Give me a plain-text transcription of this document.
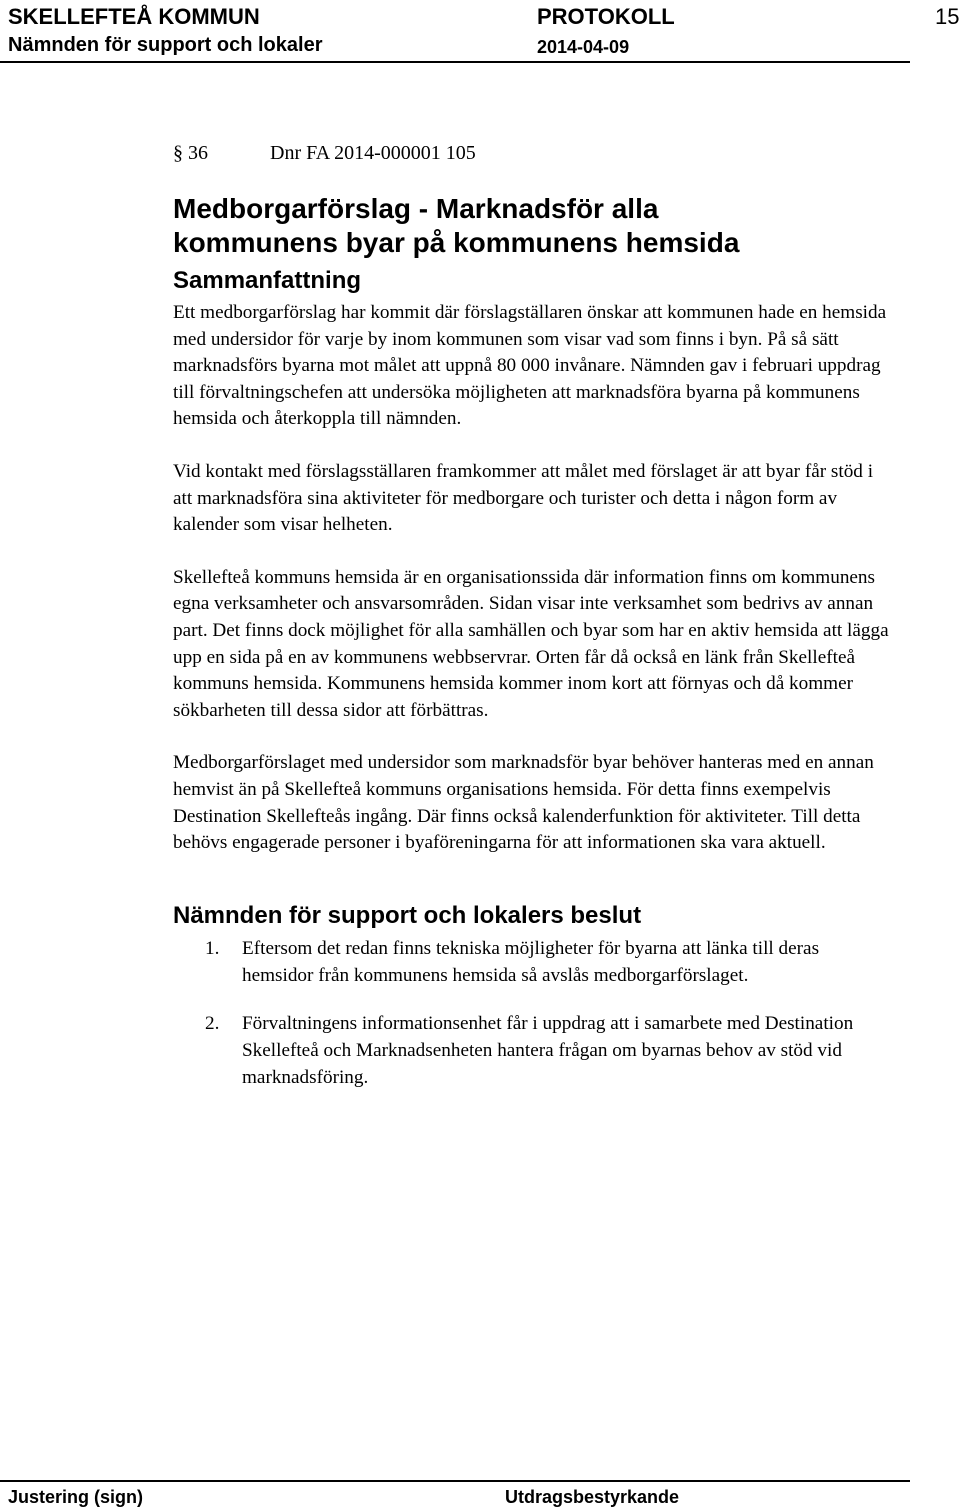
SKELLEFTEÅ KOMMUN
Nämnden för support och lokaler
PROTOKOLL
2014-04-09
15

§ 36	Dnr FA 2014-000001 105

Medborgarförslag - Marknadsför alla
kommunens byar på kommunens hemsida
Sammanfattning

Ett medborgarförslag har kommit där förslagställaren önskar att kommunen hade en hemsida med undersidor för varje by inom kommunen som visar vad som finns i byn. På så sätt marknadsförs byarna mot målet att uppnå 80 000 invånare. Nämnden gav i februari uppdrag till förvaltningschefen att undersöka möjligheten att marknadsföra byarna på kommunens hemsida och återkoppla till nämnden.

Vid kontakt med förslagsställaren framkommer att målet med förslaget är att byar får stöd i att marknadsföra sina aktiviteter för medborgare och turister och detta i någon form av kalender som visar helheten.

Skellefteå kommuns hemsida är en organisationssida där information finns om kommunens egna verksamheter och ansvarsområden. Sidan visar inte verksamhet som bedrivs av annan part. Det finns dock möjlighet för alla samhällen och byar som har en aktiv hemsida att lägga upp en sida på en av kommunens webbservrar. Orten får då också en länk från Skellefteå kommuns hemsida. Kommunens hemsida kommer inom kort att förnyas och då kommer sökbarheten till dessa sidor att förbättras.

Medborgarförslaget med undersidor som marknadsför byar behöver hanteras med en annan hemvist än på Skellefteå kommuns organisations hemsida. För detta finns exempelvis Destination Skellefteås ingång. Där finns också kalenderfunktion för aktiviteter. Till detta behövs engagerade personer i byaföreningarna för att informationen ska vara aktuell.

Nämnden för support och lokalers beslut
1. Eftersom det redan finns tekniska möjligheter för byarna att länka till deras hemsidor från kommunens hemsida så avslås medborgarförslaget.
2. Förvaltningens informationsenhet får i uppdrag att i samarbete med Destination Skellefteå och Marknadsenheten hantera frågan om byarnas behov av stöd vid marknadsföring.
Justering (sign)	Utdragsbestyrkande
